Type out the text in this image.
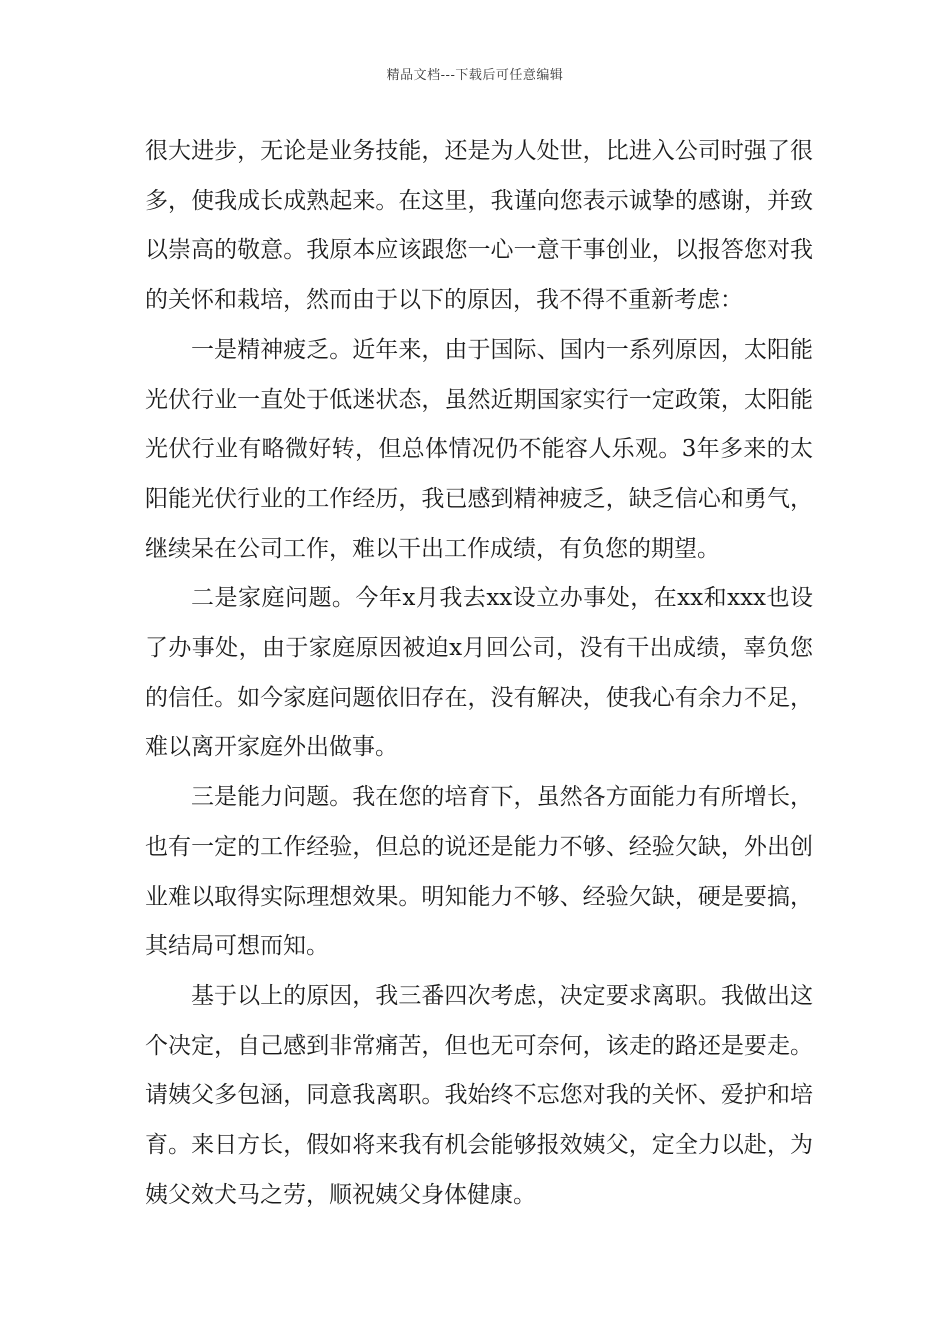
精品文档---下载后可任意编辑

很大进步，无论是业务技能，还是为人处世，比进入公司时强了很多，使我成长成熟起来。在这里，我谨向您表示诚挚的感谢，并致以崇高的敬意。我原本应该跟您一心一意干事创业，以报答您对我的关怀和栽培，然而由于以下的原因，我不得不重新考虑：

一是精神疲乏。近年来，由于国际、国内一系列原因，太阳能光伏行业一直处于低迷状态，虽然近期国家实行一定政策，太阳能光伏行业有略微好转，但总体情况仍不能容人乐观。3年多来的太阳能光伏行业的工作经历，我已感到精神疲乏，缺乏信心和勇气，继续呆在公司工作，难以干出工作成绩，有负您的期望。

二是家庭问题。今年x月我去xx设立办事处，在xx和xxx也设了办事处，由于家庭原因被迫x月回公司，没有干出成绩，辜负您的信任。如今家庭问题依旧存在，没有解决，使我心有余力不足，难以离开家庭外出做事。

三是能力问题。我在您的培育下，虽然各方面能力有所增长，也有一定的工作经验，但总的说还是能力不够、经验欠缺，外出创业难以取得实际理想效果。明知能力不够、经验欠缺，硬是要搞，其结局可想而知。

基于以上的原因，我三番四次考虑，决定要求离职。我做出这个决定，自己感到非常痛苦，但也无可奈何，该走的路还是要走。请姨父多包涵，同意我离职。我始终不忘您对我的关怀、爱护和培育。来日方长，假如将来我有机会能够报效姨父，定全力以赴，为姨父效犬马之劳，顺祝姨父身体健康。
